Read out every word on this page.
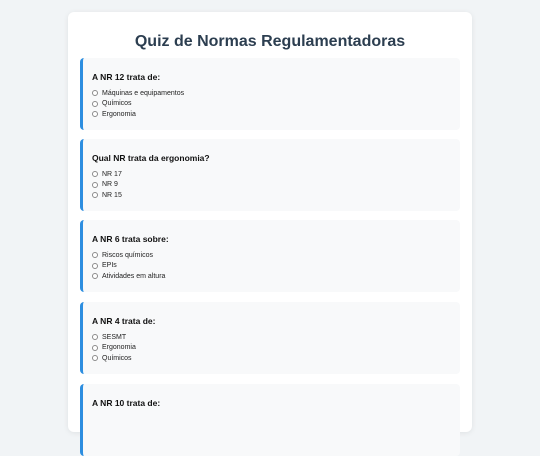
Quiz de Normas Regulamentadoras
A NR 12 trata de:
Máquinas e equipamentos
Químicos
Ergonomia
Qual NR trata da ergonomia?
NR 17
NR 9
NR 15
A NR 6 trata sobre:
Riscos químicos
EPIs
Atividades em altura
A NR 4 trata de:
SESMT
Ergonomia
Químicos
A NR 10 trata de:
